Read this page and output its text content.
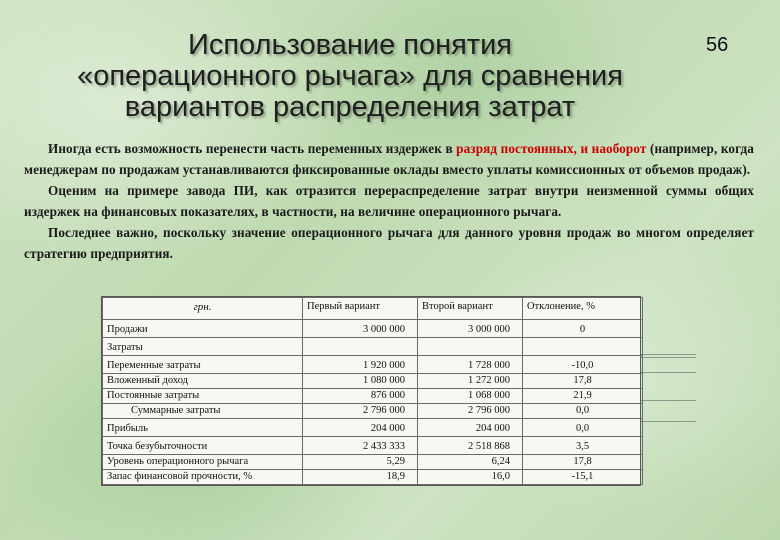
Использование понятия
«операционного рычага» для сравнения
вариантов распределения затрат
56

Иногда есть возможность перенести часть переменных издержек в разряд постоянных, и наоборот (например, когда менеджерам по продажам устанавливаются фиксированные оклады вместо уплаты комиссионных от объемов продаж).

Оценим на примере завода ПИ, как отразится перераспределение затрат внутри неизменной суммы общих издержек на финансовых показателях, в частности, на величине операционного рычага.

Последнее важно, поскольку значение операционного рычага для данного уровня продаж во многом определяет стратегию предприятия.

грн.	Первый вариант	Второй вариант	Отклонение, %
Продажи	3 000 000	3 000 000	0
Затраты			
Переменные затраты	1 920 000	1 728 000	-10,0
Вложенный доход	1 080 000	1 272 000	17,8
Постоянные затраты	876 000	1 068 000	21,9
Суммарные затраты	2 796 000	2 796 000	0,0
Прибыль	204 000	204 000	0,0
Точка безубыточности	2 433 333	2 518 868	3,5
Уровень операционного рычага	5,29	6,24	17,8
Запас финансовой прочности, %	18,9	16,0	-15,1
